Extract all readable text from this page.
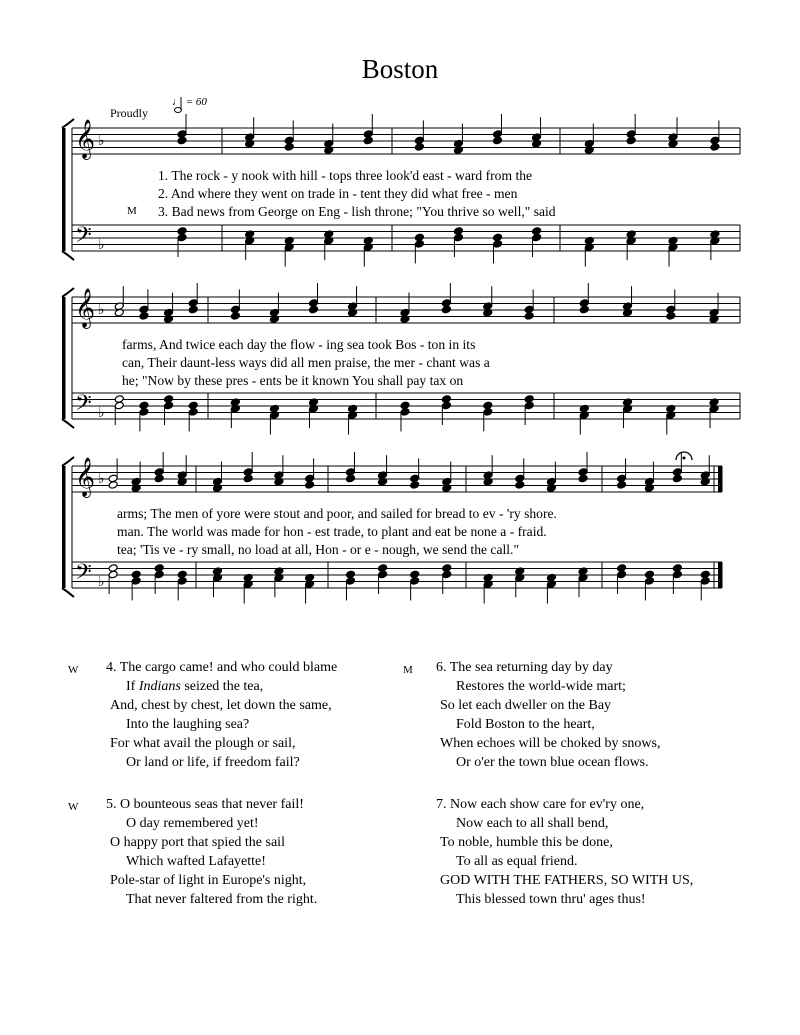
Boston
Proudly
♩ = 60
𝄞
𝄢
♭
♭
𝄞
𝄢
♭
♭
𝄞
𝄢
♭
♭
M
1. The rock - y nook with hill - tops three look'd east - ward from the
2. And where they went on trade in - tent they did what free - men
3. Bad news from George on Eng - lish throne; "You thrive so well," said
farms, And twice each day the flow - ing sea took Bos - ton in its
can, Their daunt-less ways did all men praise, the mer - chant was a
he; "Now by these pres - ents be it known You shall pay tax on
arms; The men of yore were stout and poor, and sailed for bread to ev - 'ry shore.
man. The world was made for hon - est trade, to plant and eat be none a - fraid.
tea; 'Tis ve - ry small, no load at all, Hon - or e - nough, we send the call."
W 4. The cargo came! and who could blame
If Indians seized the tea,
And, chest by chest, let down the same,
Into the laughing sea?
For what avail the plough or sail,
Or land or life, if freedom fail?
M 6. The sea returning day by day
Restores the world-wide mart;
So let each dweller on the Bay
Fold Boston to the heart,
When echoes will be choked by snows,
Or o'er the town blue ocean flows.
W 5. O bounteous seas that never fail!
O day remembered yet!
O happy port that spied the sail
Which wafted Lafayette!
Pole-star of light in Europe's night,
That never faltered from the right.
7. Now each show care for ev'ry one,
Now each to all shall bend,
To noble, humble this be done,
To all as equal friend.
GOD WITH THE FATHERS, SO WITH US,
This blessed town thru' ages thus!
